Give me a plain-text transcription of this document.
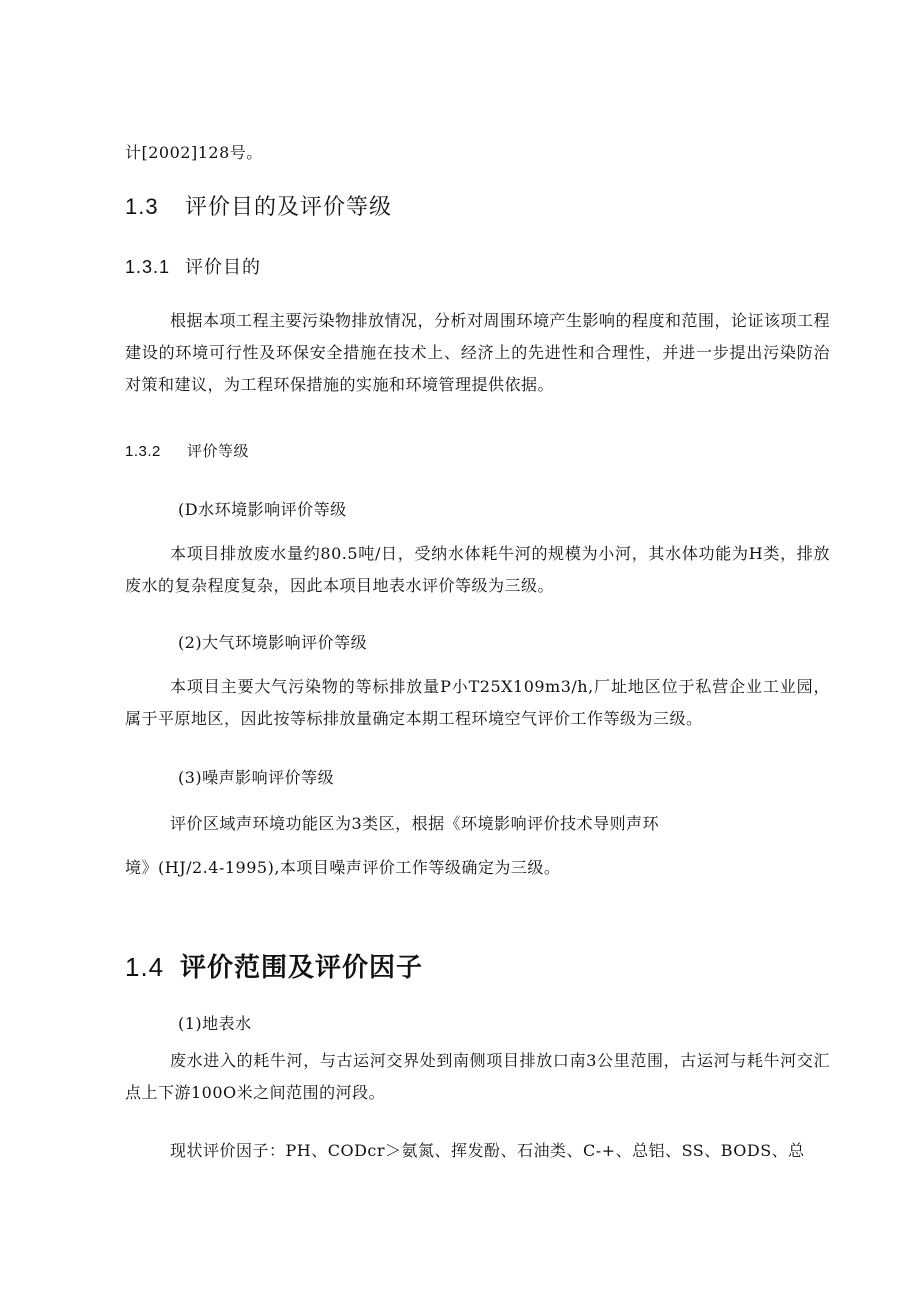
计[2002]128号。
1.3 评价目的及评价等级
1.3.1 评价目的
根据本项工程主要污染物排放情况，分析对周围环境产生影响的程度和范围，论证该项工程建设的环境可行性及环保安全措施在技术上、经济上的先进性和合理性，并进一步提出污染防治对策和建议，为工程环保措施的实施和环境管理提供依据。
1.3.2 评价等级
(D水环境影响评价等级
本项目排放废水量约80.5吨/日，受纳水体耗牛河的规模为小河，其水体功能为H类，排放废水的复杂程度复杂，因此本项目地表水评价等级为三级。
(2)大气环境影响评价等级
本项目主要大气污染物的等标排放量P小T25X109m3/h,厂址地区位于私营企业工业园，属于平原地区，因此按等标排放量确定本期工程环境空气评价工作等级为三级。
(3)噪声影响评价等级
评价区域声环境功能区为3类区，根据《环境影响评价技术导则声环
境》(HJ/2.4-1995),本项目噪声评价工作等级确定为三级。
1.4 评价范围及评价因子
(1)地表水
废水进入的耗牛河，与古运河交界处到南侧项目排放口南3公里范围，古运河与耗牛河交汇点上下游100O米之间范围的河段。
现状评价因子：PH、CODcr＞氨氮、挥发酚、石油类、C-+、总铝、SS、BODS、总
